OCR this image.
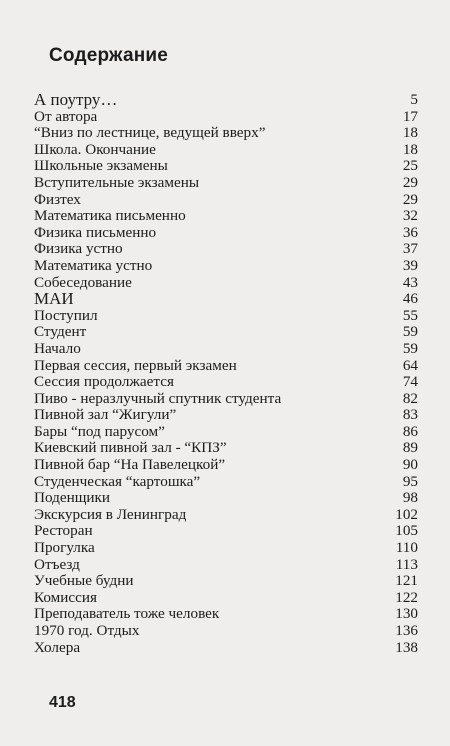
Содержание
А поутру…	5
От автора	17
“Вниз по лестнице, ведущей вверх”	18
Школа. Окончание	18
Школьные экзамены	25
Вступительные экзамены	29
Физтех	29
Математика письменно	32
Физика письменно	36
Физика устно	37
Математика устно	39
Собеседование	43
МАИ	46
Поступил	55
Студент	59
Начало	59
Первая сессия, первый экзамен	64
Сессия продолжается	74
Пиво - неразлучный спутник студента	82
Пивной зал “Жигули”	83
Бары “под парусом”	86
Киевский пивной зал - “КПЗ”	89
Пивной бар “На Павелецкой”	90
Студенческая “картошка”	95
Поденщики	98
Экскурсия в Ленинград	102
Ресторан	105
Прогулка	110
Отъезд	113
Учебные будни	121
Комиссия	122
Преподаватель тоже человек	130
1970 год. Отдых	136
Холера	138
418
